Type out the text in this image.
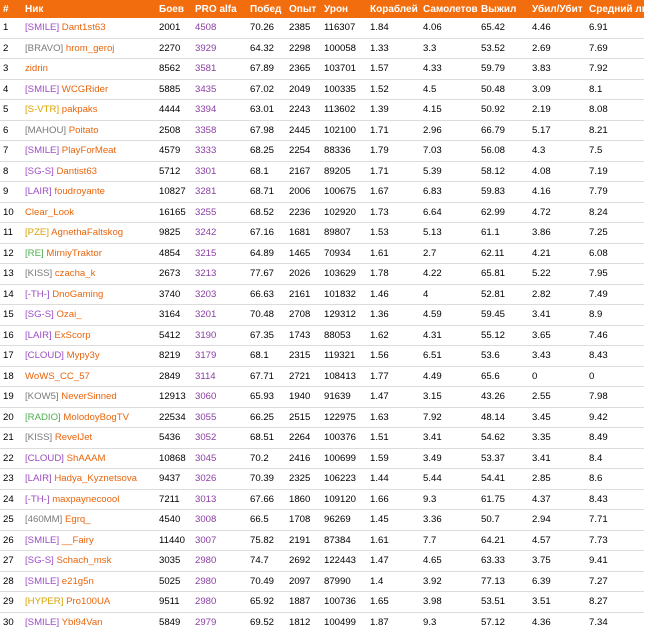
#	Ник	Боев	PRO alfa	Побед	Опыт	Урон	Кораблей	Самолетов	Выжил	Убил/Убит	Средний лвл
1	[SMILE] Dant1st63	2001	4508	70.26	2385	116307	1.84	4.06	65.42	4.46	6.91
2	[BRAVO] hrom_geroj	2270	3929	64.32	2298	100058	1.33	3.3	53.52	2.69	7.69
3	zidrin	8562	3581	67.89	2365	103701	1.57	4.33	59.79	3.83	7.92
4	[SMILE] WCGRider	5885	3435	67.02	2049	100335	1.52	4.5	50.48	3.09	8.1
5	[S-VTR] pakpaks	4444	3394	63.01	2243	113602	1.39	4.15	50.92	2.19	8.08
6	[MAHOU] Poitato	2508	3358	67.98	2445	102100	1.71	2.96	66.79	5.17	8.21
7	[SMILE] PlayForMeat	4579	3333	68.25	2254	88336	1.79	7.03	56.08	4.3	7.5
8	[SG-S] Dantist63	5712	3301	68.1	2167	89205	1.71	5.39	58.12	4.08	7.19
9	[LAIR] foudroyante	10827	3281	68.71	2006	100675	1.67	6.83	59.83	4.16	7.79
10	Clear_Look	16165	3255	68.52	2236	102920	1.73	6.64	62.99	4.72	8.24
11	[PZE] AgnethaFaltskog	9825	3242	67.16	1681	89807	1.53	5.13	61.1	3.86	7.25
12	[RE] MirniyTraktor	4854	3215	64.89	1465	70934	1.61	2.7	62.11	4.21	6.08
13	[KISS] czacha_k	2673	3213	77.67	2026	103629	1.78	4.22	65.81	5.22	7.95
14	[-TH-] DnoGaming	3740	3203	66.63	2161	101832	1.46	4	52.81	2.82	7.49
15	[SG-S] Ozai_	3164	3201	70.48	2708	129312	1.36	4.59	59.45	3.41	8.9
16	[LAIR] ExScorp	5412	3190	67.35	1743	88053	1.62	4.31	55.12	3.65	7.46
17	[CLOUD] Mypy3y	8219	3179	68.1	2315	119321	1.56	6.51	53.6	3.43	8.43
18	WoWS_CC_57	2849	3114	67.71	2721	108413	1.77	4.49	65.6	0	0
19	[KOW5] NeverSinned	12913	3060	65.93	1940	91639	1.47	3.15	43.26	2.55	7.98
20	[RADIO] MolodoyBogTV	22534	3055	66.25	2515	122975	1.63	7.92	48.14	3.45	9.42
21	[KISS] RevelJet	5436	3052	68.51	2264	100376	1.51	3.41	54.62	3.35	8.49
22	[CLOUD] ShAAAM	10868	3045	70.2	2416	100699	1.59	3.49	53.37	3.41	8.4
23	[LAIR] Hadya_Kyznetsova	9437	3026	70.39	2325	106223	1.44	5.44	54.41	2.85	8.6
24	[-TH-] maxpaynecoool	7211	3013	67.66	1860	109120	1.66	9.3	61.75	4.37	8.43
25	[460MM] Egrq_	4540	3008	66.5	1708	96269	1.45	3.36	50.7	2.94	7.71
26	[SMILE] __Fairy	11440	3007	75.82	2191	87384	1.61	7.7	64.21	4.57	7.73
27	[SG-S] Schach_msk	3035	2980	74.7	2692	122443	1.47	4.65	63.33	3.75	9.41
28	[SMILE] e21g5n	5025	2980	70.49	2097	87990	1.4	3.92	77.13	6.39	7.27
29	[HYPER] Pro100UA	9511	2980	65.92	1887	100736	1.65	3.98	53.51	3.51	8.27
30	[SMILE] Ybi94Van	5849	2979	69.52	1812	100499	1.87	9.3	57.12	4.36	7.34
